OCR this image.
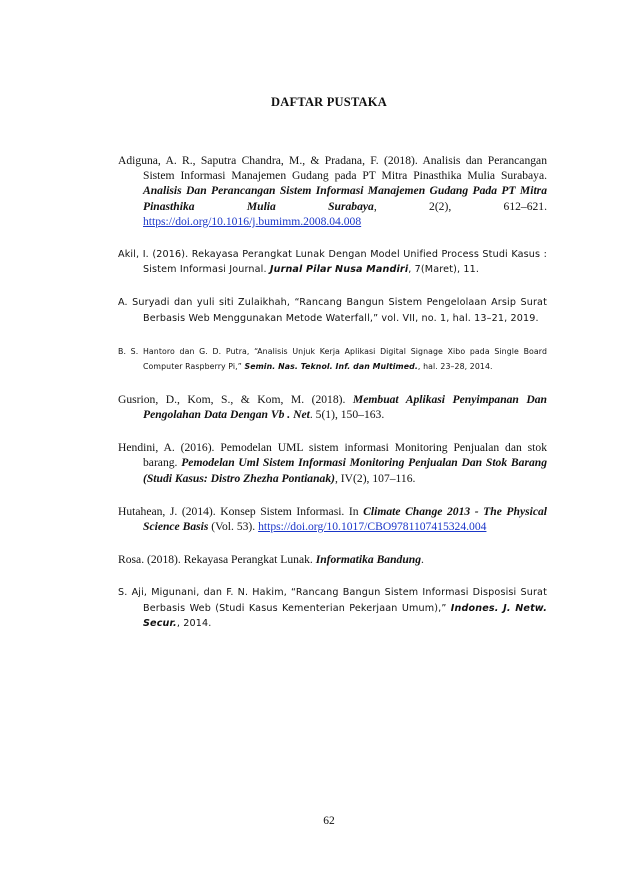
DAFTAR PUSTAKA

Adiguna, A. R., Saputra Chandra, M., & Pradana, F. (2018). Analisis dan Perancangan Sistem Informasi Manajemen Gudang pada PT Mitra Pinasthika Mulia Surabaya. Analisis Dan Perancangan Sistem Informasi Manajemen Gudang Pada PT Mitra Pinasthika Mulia Surabaya, 2(2), 612–621. https://doi.org/10.1016/j.bumimm.2008.04.008

Akil, I. (2016). Rekayasa Perangkat Lunak Dengan Model Unified Process Studi Kasus : Sistem Informasi Journal. Jurnal Pilar Nusa Mandiri, 7(Maret), 11.

A. Suryadi dan yuli siti Zulaikhah, “Rancang Bangun Sistem Pengelolaan Arsip Surat Berbasis Web Menggunakan Metode Waterfall,” vol. VII, no. 1, hal. 13–21, 2019.

B. S. Hantoro dan G. D. Putra, “Analisis Unjuk Kerja Aplikasi Digital Signage Xibo pada Single Board Computer Raspberry Pi,” Semin. Nas. Teknol. Inf. dan Multimed., hal. 23–28, 2014.

Gusrion, D., Kom, S., & Kom, M. (2018). Membuat Aplikasi Penyimpanan Dan Pengolahan Data Dengan Vb . Net. 5(1), 150–163.

Hendini, A. (2016). Pemodelan UML sistem informasi Monitoring Penjualan dan stok barang. Pemodelan Uml Sistem Informasi Monitoring Penjualan Dan Stok Barang (Studi Kasus: Distro Zhezha Pontianak), IV(2), 107–116.

Hutahean, J. (2014). Konsep Sistem Informasi. In Climate Change 2013 - The Physical Science Basis (Vol. 53). https://doi.org/10.1017/CBO9781107415324.004

Rosa. (2018). Rekayasa Perangkat Lunak. Informatika Bandung.

S. Aji, Migunani, dan F. N. Hakim, “Rancang Bangun Sistem Informasi Disposisi Surat Berbasis Web (Studi Kasus Kementerian Pekerjaan Umum),” Indones. J. Netw. Secur., 2014.

62
